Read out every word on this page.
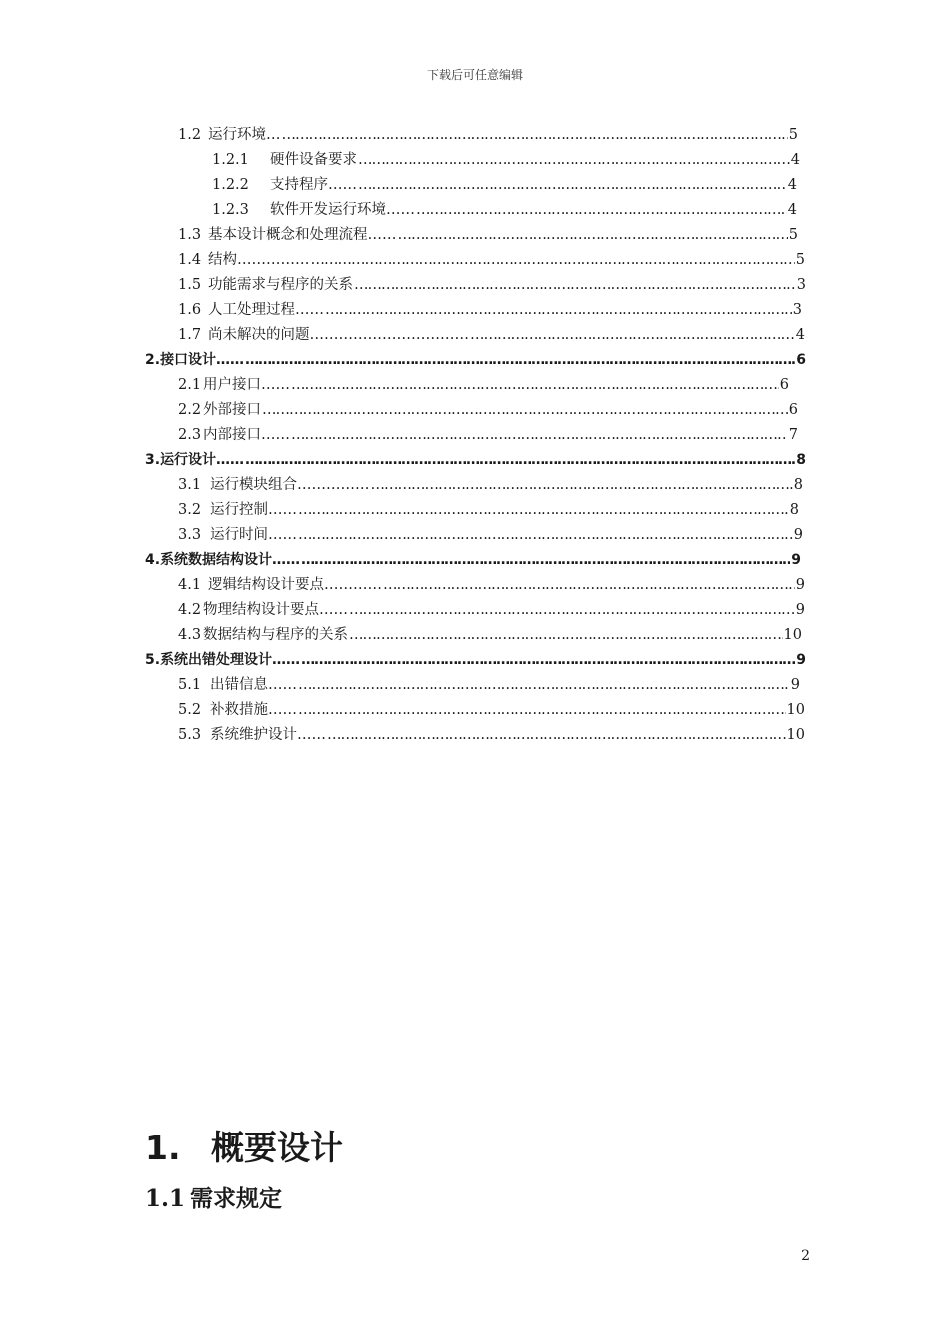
下载后可任意编辑
1.2 运行环境… …………………………………………………………………………………………………………………………………………………………………………………………………………	5
1.2.1 硬件设备要求 …………………………………………………………………………………………………………………………………………………………………………………………………………	4
1.2.2 支持程序…… …………………………………………………………………………………………………………………………………………………………………………………………………………	4
1.2.3 软件开发运行环境…… …………………………………………………………………………………………………………………………………………………………………………………………………………	4
1.3 基本设计概念和处理流程…… …………………………………………………………………………………………………………………………………………………………………………………………………………	5
1.4 结构…………… …………………………………………………………………………………………………………………………………………………………………………………………………………	5
1.5 功能需求与程序的关系 …………………………………………………………………………………………………………………………………………………………………………………………………………	3
1.6 人工处理过程…… …………………………………………………………………………………………………………………………………………………………………………………………………………	3
1.7 尚未解决的问题…………………………… …………………………………………………………………………………………………………………………………………………………………………………………………………	4
2.接口设计…… …………………………………………………………………………………………………………………………………………………………………………………………………………	6
2.1 用户接口…… …………………………………………………………………………………………………………………………………………………………………………………………………………	6
2.2 外部接口 …………………………………………………………………………………………………………………………………………………………………………………………………………	6
2.3 内部接口…… …………………………………………………………………………………………………………………………………………………………………………………………………………	7
3.运行设计…… …………………………………………………………………………………………………………………………………………………………………………………………………………	8
3.1 运行模块组合…………… …………………………………………………………………………………………………………………………………………………………………………………………………………	8
3.2 运行控制…… …………………………………………………………………………………………………………………………………………………………………………………………………………	8
3.3 运行时间…… …………………………………………………………………………………………………………………………………………………………………………………………………………	9
4.系统数据结构设计…… …………………………………………………………………………………………………………………………………………………………………………………………………………	9
4.1 逻辑结构设计要点………… …………………………………………………………………………………………………………………………………………………………………………………………………………	9
4.2 物理结构设计要点…… …………………………………………………………………………………………………………………………………………………………………………………………………………	9
4.3 数据结构与程序的关系 …………………………………………………………………………………………………………………………………………………………………………………………………………	10
5.系统出错处理设计…… …………………………………………………………………………………………………………………………………………………………………………………………………………	9
5.1 出错信息…… …………………………………………………………………………………………………………………………………………………………………………………………………………	9
5.2 补救措施…… …………………………………………………………………………………………………………………………………………………………………………………………………………	10
5.3 系统维护设计…… …………………………………………………………………………………………………………………………………………………………………………………………………………	10
1. 概要设计
1.1 需求规定
2
